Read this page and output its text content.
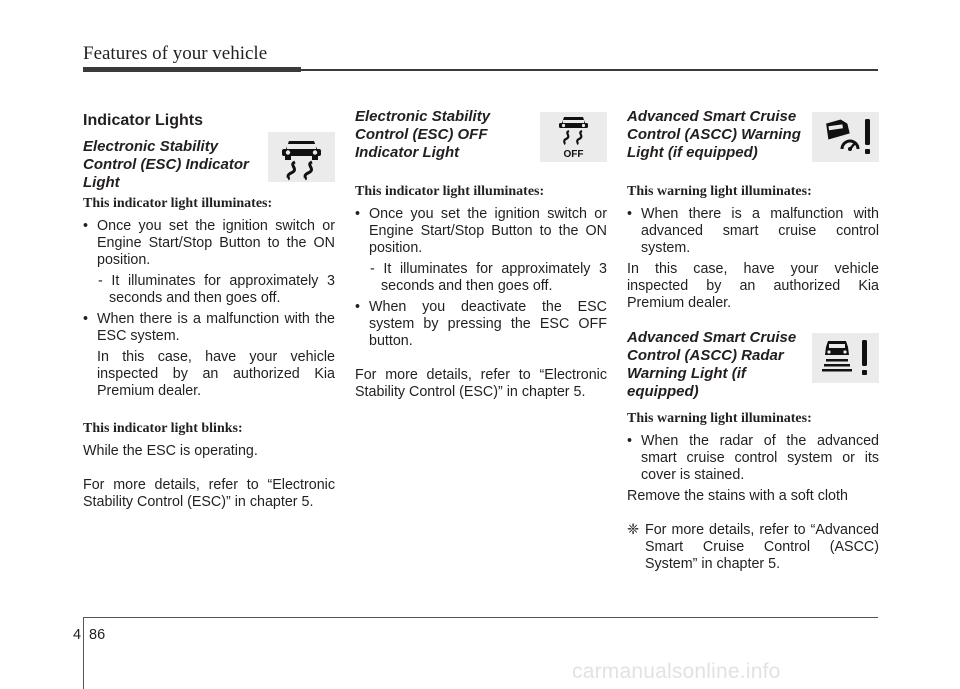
Features of your vehicle
Indicator Lights
Electronic Stability Control (ESC) Indicator Light
This indicator light illuminates:
• Once you set the ignition switch or Engine Start/Stop Button to the ON position.
- It illuminates for approximately 3 seconds and then goes off.
• When there is a malfunction with the ESC system.
In this case, have your vehicle inspected by an authorized Kia Premium dealer.
This indicator light blinks:
While the ESC is operating.
For more details, refer to “Electronic Stability Control (ESC)” in chapter 5.
Electronic Stability Control (ESC) OFF Indicator Light	OFF
This indicator light illuminates:
• Once you set the ignition switch or Engine Start/Stop Button to the ON position.
- It illuminates for approximately 3 seconds and then goes off.
• When you deactivate the ESC system by pressing the ESC OFF button.
For more details, refer to “Electronic Stability Control (ESC)” in chapter 5.
Advanced Smart Cruise Control (ASCC) Warning Light (if equipped)
This warning light illuminates:
• When there is a malfunction with advanced smart cruise control system.
In this case, have your vehicle inspected by an authorized Kia Premium dealer.
Advanced Smart Cruise Control (ASCC) Radar Warning Light (if equipped)
This warning light illuminates:
• When the radar of the advanced smart cruise control system or its cover is stained.
Remove the stains with a soft cloth
❈ For more details, refer to “Advanced Smart Cruise Control (ASCC) System” in chapter 5.
4 86
carmanualsonline.info
